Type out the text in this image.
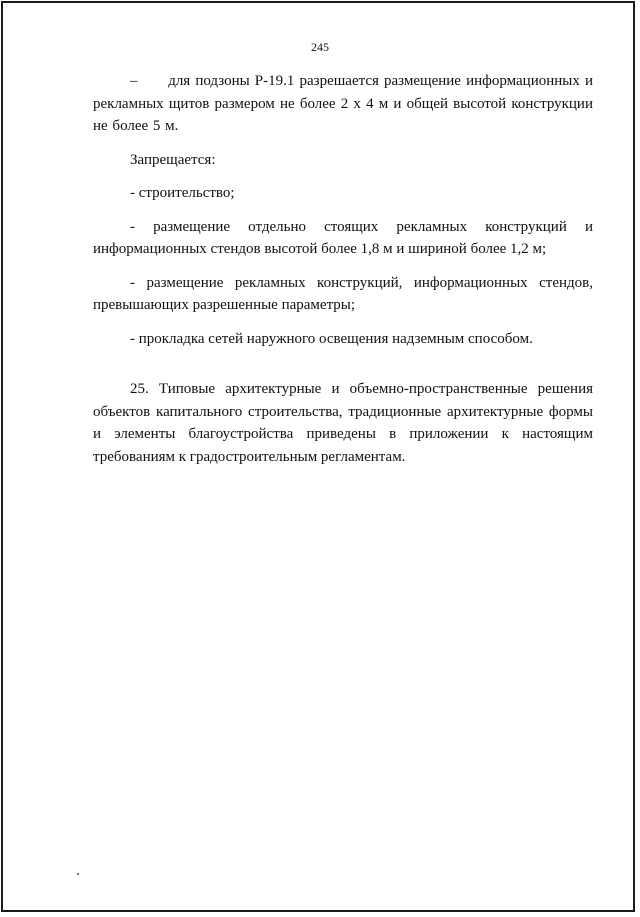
245

–      для подзоны Р-19.1 разрешается размещение информационных и рекламных щитов размером не более 2 х 4 м и общей высотой конструкции не более 5 м.

Запрещается:

- строительство;

- размещение отдельно стоящих рекламных конструкций и информационных стендов высотой более 1,8 м и шириной более 1,2 м;

- размещение рекламных конструкций, информационных стендов, превышающих разрешенные параметры;

- прокладка сетей наружного освещения надземным способом.

25. Типовые архитектурные и объемно-пространственные решения объектов капитального строительства, традиционные архитектурные формы и элементы благоустройства приведены в приложении к настоящим требованиям к градостроительным регламентам.
